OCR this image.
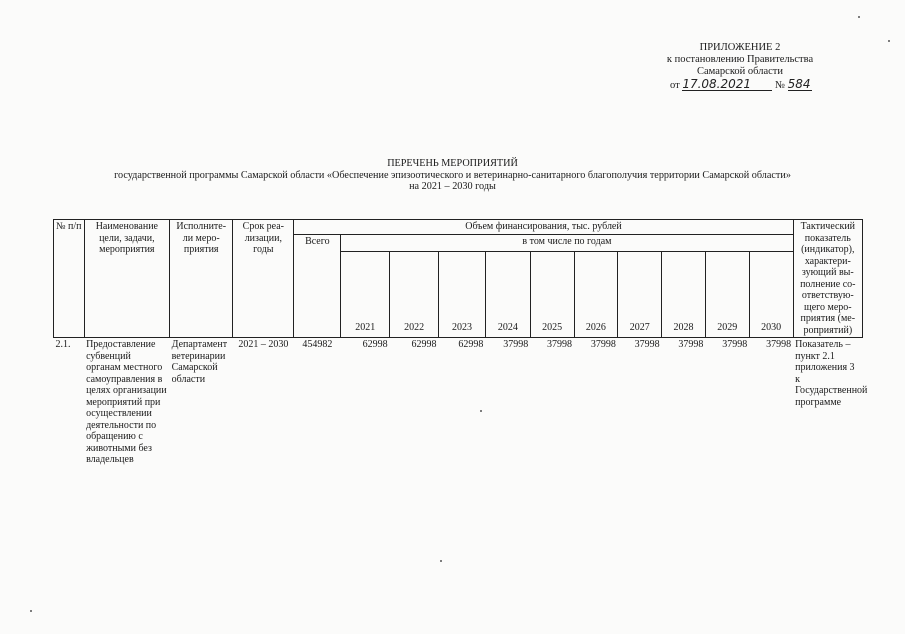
ПРИЛОЖЕНИЕ 2
к постановлению Правительства
Самарской области
от 17.08.2021 № 584
ПЕРЕЧЕНЬ МЕРОПРИЯТИЙ
государственной программы Самарской области «Обеспечение эпизоотического и ветеринарно-санитарного благополучия территории Самарской области»
на 2021 – 2030 годы
№ п/п	Наименование цели, задачи, мероприятия	Исполните-ли меро-приятия	Срок реа-лизации, годы	Объем финансирования, тыс. рублей											Тактический показатель (индикатор), характери-зующий вы-полнение со-ответствую-щего меро-приятия (ме-роприятий)
				Всего	в том числе по годам										
					2021	2022	2023	2024	2025	2026	2027	2028	2029	2030	
2.1.	Предоставление субвенций органам местного самоуправления в целях организации мероприятий при осуществлении деятельности по обращению с животными без владельцев	Департамент ветеринарии Самарской области	2021 – 2030	454982	62998	62998	62998	37998	37998	37998	37998	37998	37998	37998	Показатель – пункт 2.1 приложения 3 к Государственной программе
